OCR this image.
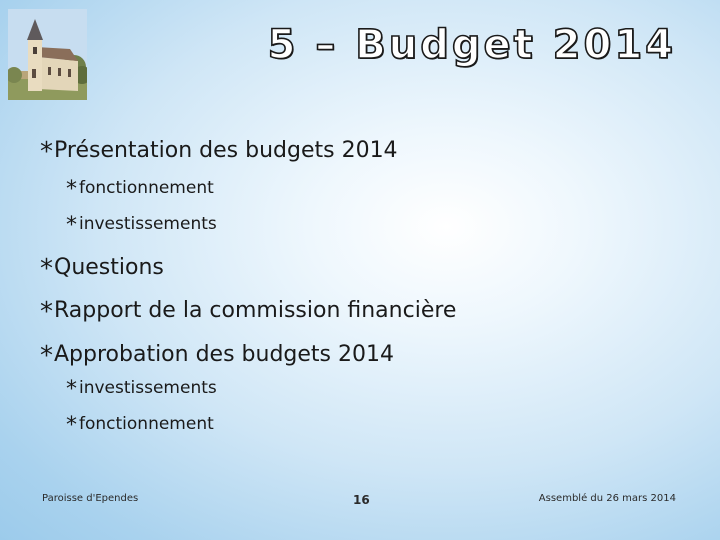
5 – Budget 2014
*Présentation des budgets 2014
* fonctionnement
* investissements
*Questions
*Rapport de la commission financière
*Approbation des budgets 2014
* investissements
* fonctionnement
Paroisse d'Ependes	16	Assemblé du 26 mars 2014
